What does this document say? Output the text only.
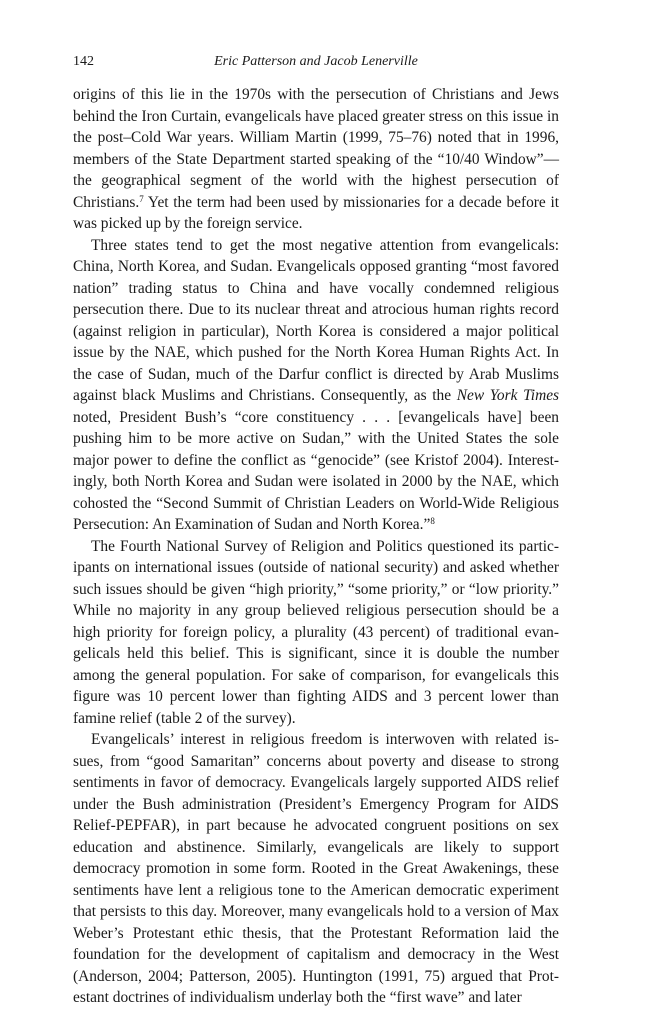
142	Eric Patterson and Jacob Lenerville

origins of this lie in the 1970s with the persecution of Christians and Jews behind the Iron Curtain, evangelicals have placed greater stress on this issue in the post–Cold War years. William Martin (1999, 75–76) noted that in 1996, members of the State Department started speaking of the “10/40 Window”—the geographical segment of the world with the highest persecution of Christians.$^7$ Yet the term had been used by missionaries for a decade before it was picked up by the foreign service.

Three states tend to get the most negative attention from evangelicals: China, North Korea, and Sudan. Evangelicals opposed granting “most favored nation” trading status to China and have vocally condemned religious persecution there. Due to its nuclear threat and atrocious human rights record (against religion in particular), North Korea is considered a major political issue by the NAE, which pushed for the North Korea Human Rights Act. In the case of Sudan, much of the Darfur conflict is directed by Arab Muslims against black Muslims and Christians. Consequently, as the New York Times noted, President Bush’s “core constituency . . . [evangelicals have] been pushing him to be more active on Sudan,” with the United States the sole major power to define the conflict as “genocide” (see Kristof 2004). Interestingly, both North Korea and Sudan were isolated in 2000 by the NAE, which cohosted the “Second Summit of Christian Leaders on World-Wide Religious Persecution: An Examination of Sudan and North Korea.”$^8$

The Fourth National Survey of Religion and Politics questioned its participants on international issues (outside of national security) and asked whether such issues should be given “high priority,” “some priority,” or “low priority.” While no majority in any group believed religious persecution should be a high priority for foreign policy, a plurality (43 percent) of traditional evangelicals held this belief. This is significant, since it is double the number among the general population. For sake of comparison, for evangelicals this figure was 10 percent lower than fighting AIDS and 3 percent lower than famine relief (table 2 of the survey).

Evangelicals’ interest in religious freedom is interwoven with related issues, from “good Samaritan” concerns about poverty and disease to strong sentiments in favor of democracy. Evangelicals largely supported AIDS relief under the Bush administration (President’s Emergency Program for AIDS Relief-PEPFAR), in part because he advocated congruent positions on sex education and abstinence. Similarly, evangelicals are likely to support democracy promotion in some form. Rooted in the Great Awakenings, these sentiments have lent a religious tone to the American democratic experiment that persists to this day. Moreover, many evangelicals hold to a version of Max Weber’s Protestant ethic thesis, that the Protestant Reformation laid the foundation for the development of capitalism and democracy in the West (Anderson, 2004; Patterson, 2005). Huntington (1991, 75) argued that Protestant doctrines of individualism underlay both the “first wave” and later
